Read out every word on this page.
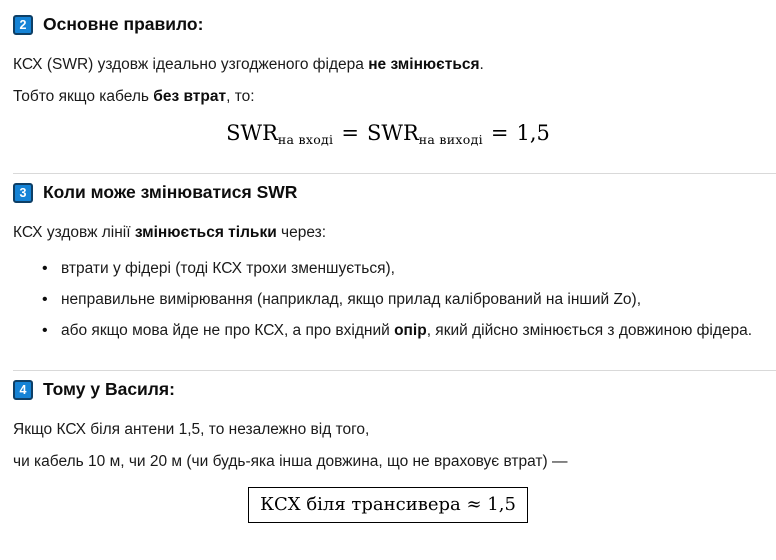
2 Основне правило:

КСХ (SWR) уздовж ідеально узгодженого фідера не змінюється.

Тобто якщо кабель без втрат, то:

SWRна вході = SWRна виході = 1,5
3 Коли може змінюватися SWR

КСХ уздовж лінії змінюється тільки через:

• втрати у фідері (тоді КСХ трохи зменшується),
• неправильне вимірювання (наприклад, якщо прилад калібрований на інший Zo),
• або якщо мова йде не про КСХ, а про вхідний опір, який дійсно змінюється з довжиною фідера.
4 Тому у Василя:

Якщо КСХ біля антени 1,5, то незалежно від того,

чи кабель 10 м, чи 20 м (чи будь-яка інша довжина, що не враховує втрат) —

КСХ біля трансивера ≈ 1,5
